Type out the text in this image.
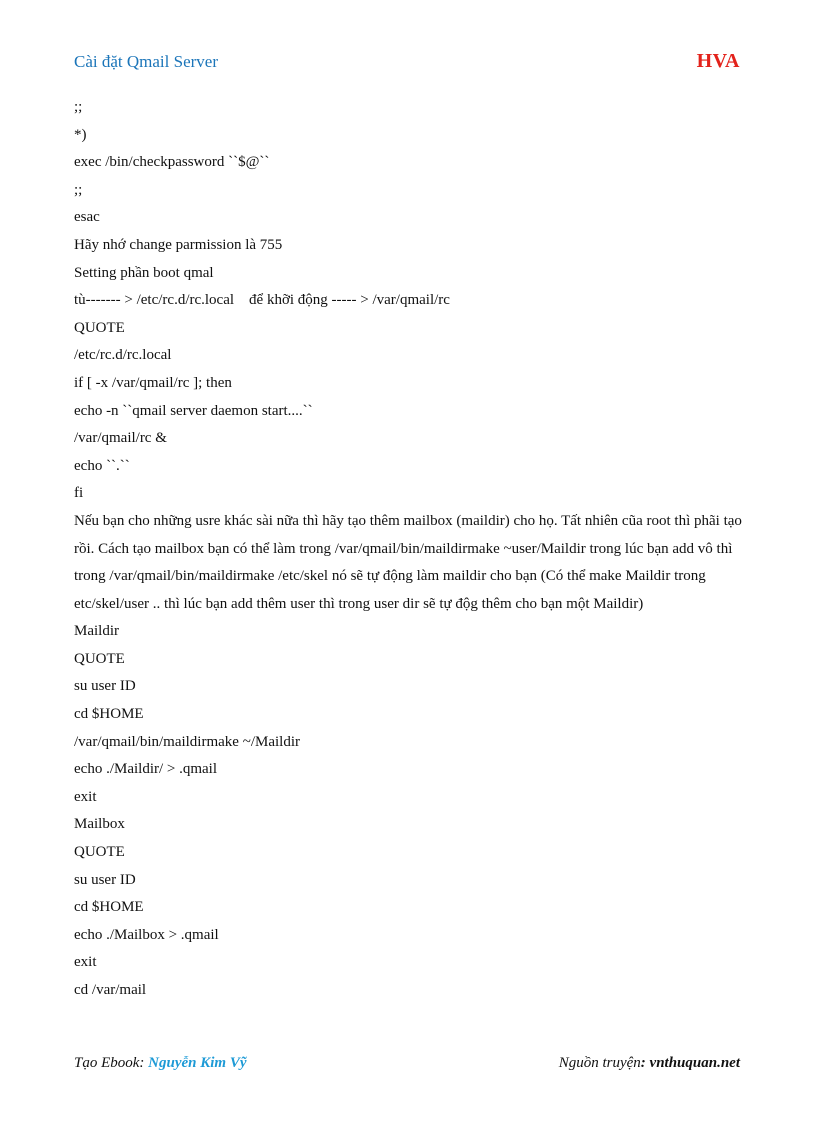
Cài đặt Qmail Server	HVA
;;
*)
exec /bin/checkpassword ``$@``
;;
esac
Hãy nhớ change parmission là 755
Setting phần boot qmal
tù------- > /etc/rc.d/rc.local    để khỡi động ----- > /var/qmail/rc
QUOTE
/etc/rc.d/rc.local
if [ -x /var/qmail/rc ]; then
echo -n ``qmail server daemon start....``
/var/qmail/rc &
echo ``.``
fi
Nếu bạn cho những usre khác sài nữa thì hãy tạo thêm mailbox (maildir) cho họ. Tất nhiên cũa root thì phãi tạo rồi. Cách tạo mailbox bạn có thể làm trong /var/qmail/bin/maildirmake ~user/Maildir trong lúc bạn add vô thì trong /var/qmail/bin/maildirmake /etc/skel nó sẽ tự động làm maildir cho bạn (Có thể make Maildir trong etc/skel/user .. thì lúc bạn add thêm user thì trong user dir sẽ tự độg thêm cho bạn một Maildir)
Maildir
QUOTE
su user ID
cd $HOME
/var/qmail/bin/maildirmake ~/Maildir
echo ./Maildir/ > .qmail
exit
Mailbox
QUOTE
su user ID
cd $HOME
echo ./Mailbox > .qmail
exit
cd /var/mail
Tạo Ebook: Nguyễn Kim Vỹ	Nguồn truyện: vnthuquan.net
